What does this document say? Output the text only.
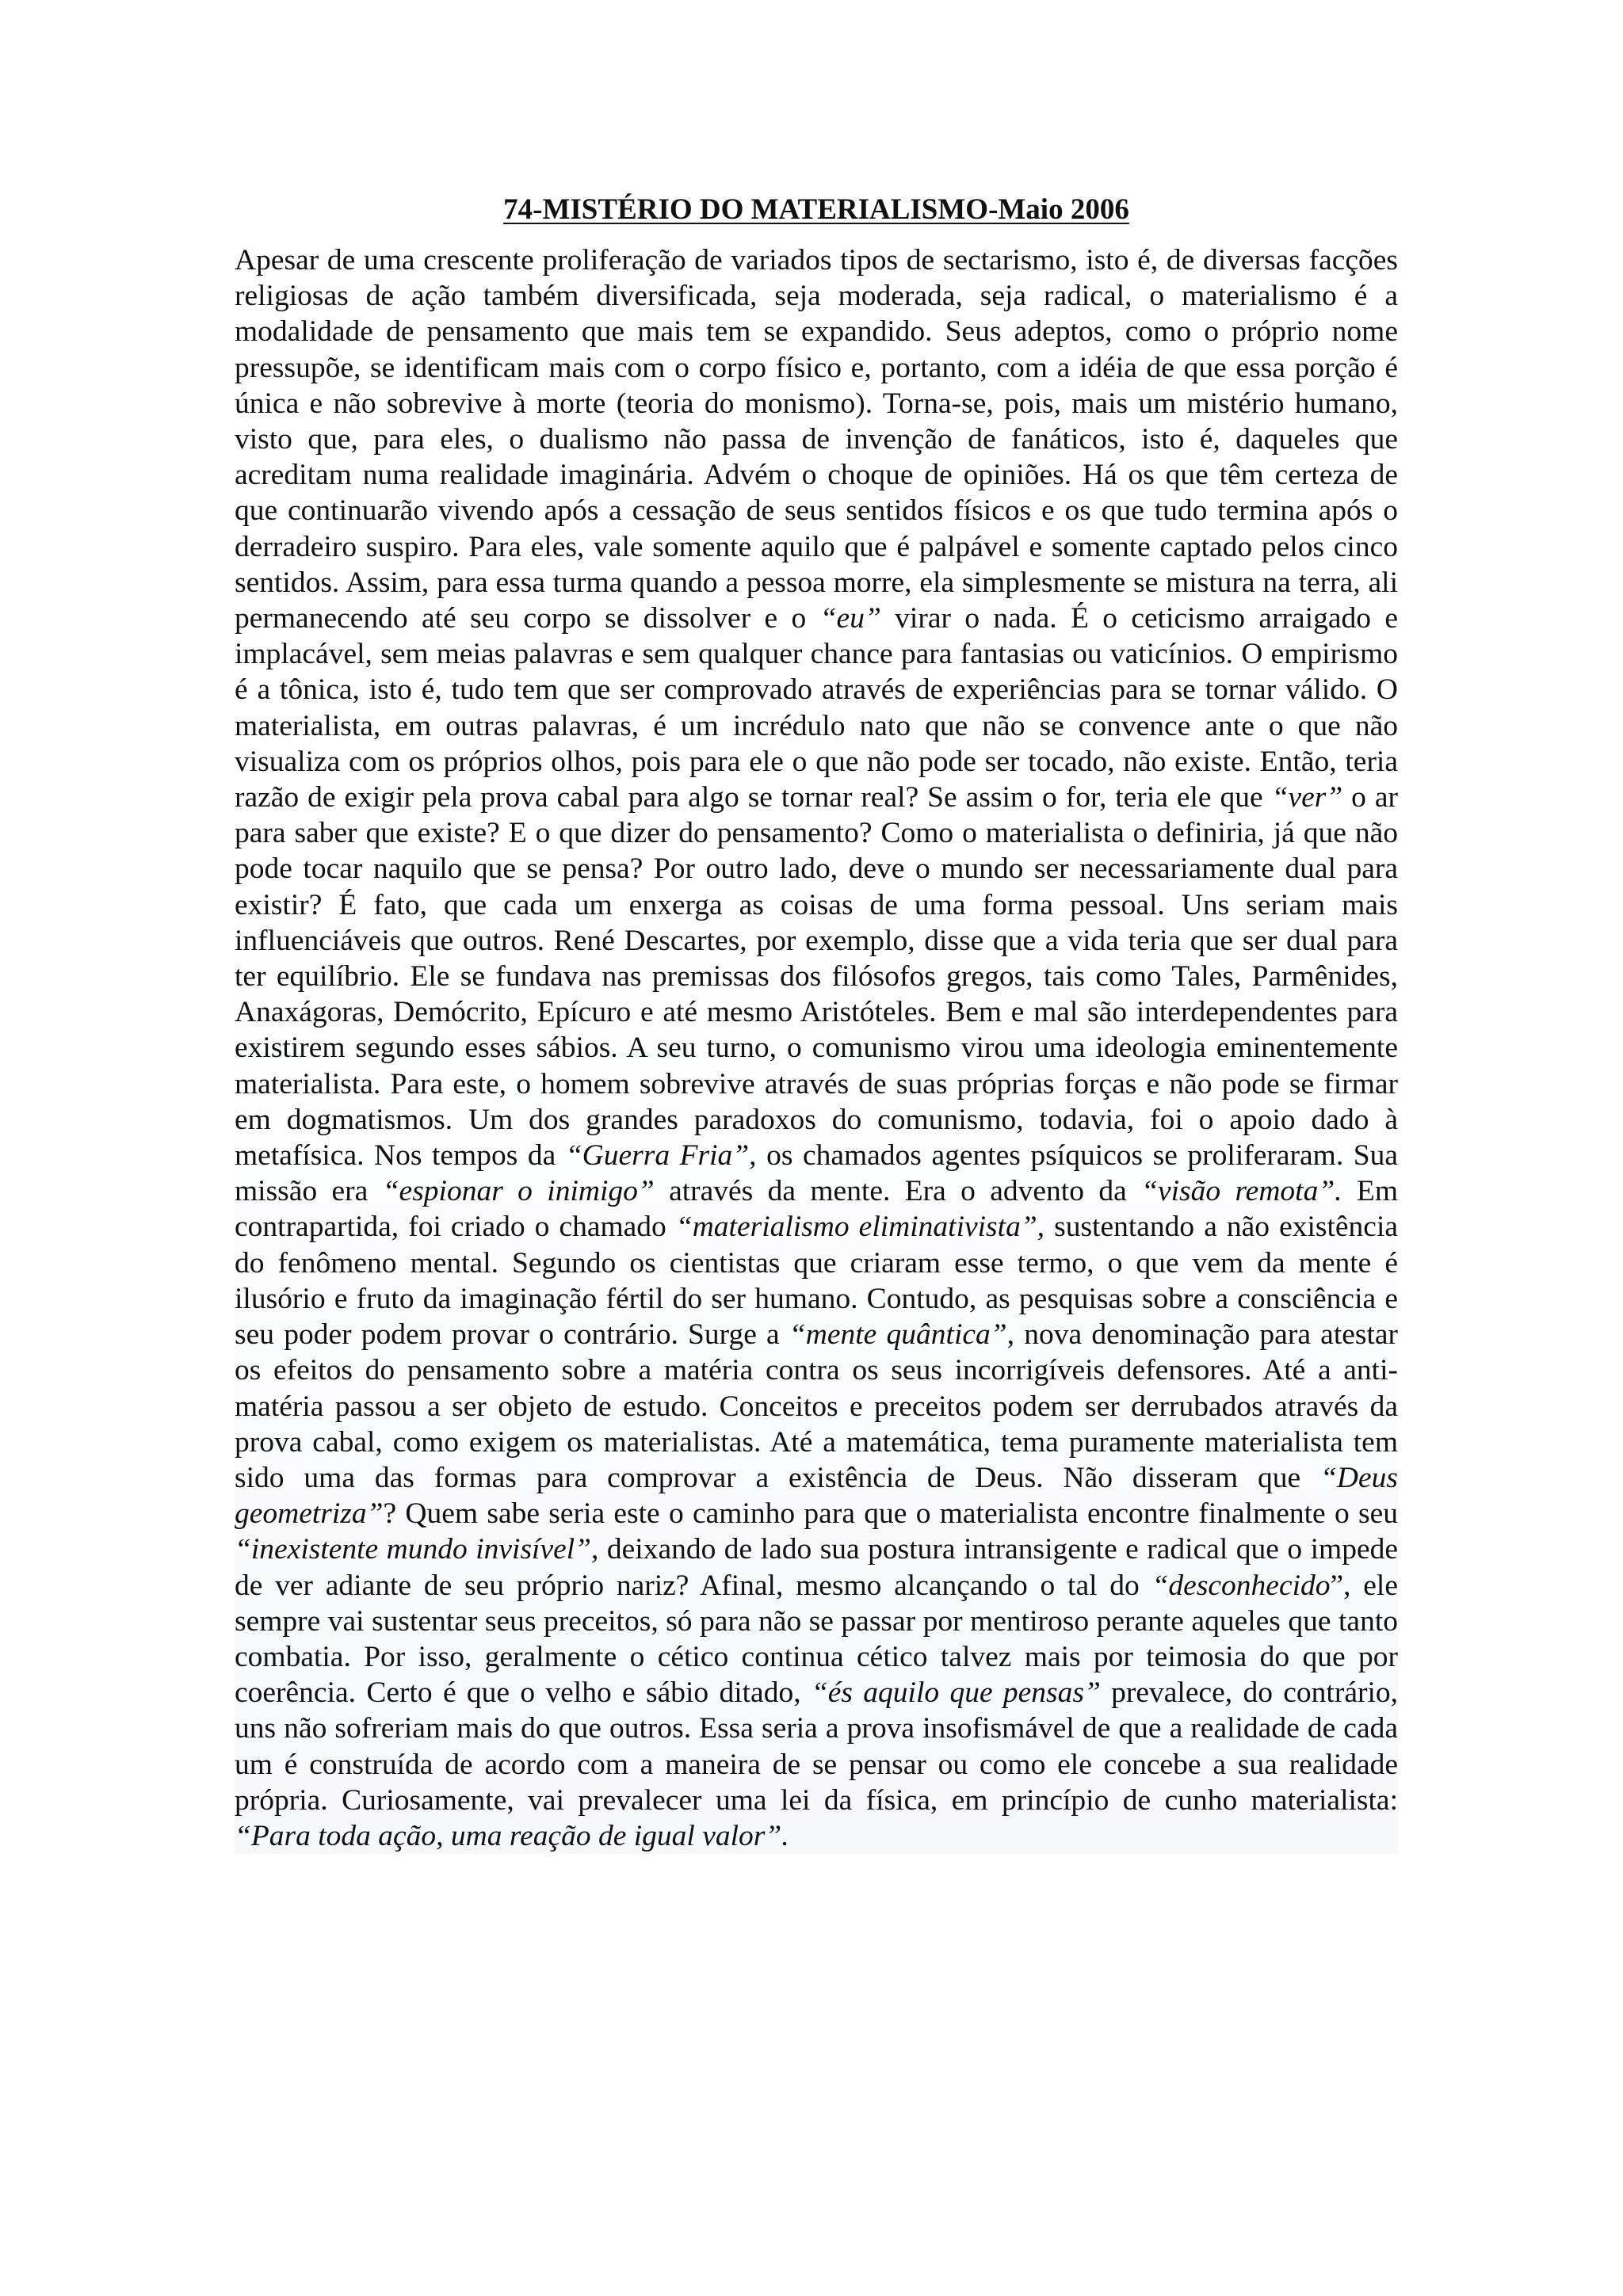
74-MISTÉRIO DO MATERIALISMO-Maio 2006

Apesar de uma crescente proliferação de variados tipos de sectarismo, isto é, de diversas facções religiosas de ação também diversificada, seja moderada, seja radical, o materialismo é a modalidade de pensamento que mais tem se expandido. Seus adeptos, como o próprio nome pressupõe, se identificam mais com o corpo físico e, portanto, com a idéia de que essa porção é única e não sobrevive à morte (teoria do monismo). Torna-se, pois, mais um mistério humano, visto que, para eles, o dualismo não passa de invenção de fanáticos, isto é, daqueles que acreditam numa realidade imaginária. Advém o choque de opiniões. Há os que têm certeza de que continuarão vivendo após a cessação de seus sentidos físicos e os que tudo termina após o derradeiro suspiro. Para eles, vale somente aquilo que é palpável e somente captado pelos cinco sentidos. Assim, para essa turma quando a pessoa morre, ela simplesmente se mistura na terra, ali permanecendo até seu corpo se dissolver e o “eu” virar o nada. É o ceticismo arraigado e implacável, sem meias palavras e sem qualquer chance para fantasias ou vaticínios. O empirismo é a tônica, isto é, tudo tem que ser comprovado através de experiências para se tornar válido. O materialista, em outras palavras, é um incrédulo nato que não se convence ante o que não visualiza com os próprios olhos, pois para ele o que não pode ser tocado, não existe. Então, teria razão de exigir pela prova cabal para algo se tornar real? Se assim o for, teria ele que “ver” o ar para saber que existe? E o que dizer do pensamento? Como o materialista o definiria, já que não pode tocar naquilo que se pensa? Por outro lado, deve o mundo ser necessariamente dual para existir? É fato, que cada um enxerga as coisas de uma forma pessoal. Uns seriam mais influenciáveis que outros. René Descartes, por exemplo, disse que a vida teria que ser dual para ter equilíbrio. Ele se fundava nas premissas dos filósofos gregos, tais como Tales, Parmênides, Anaxágoras, Demócrito, Epícuro e até mesmo Aristóteles. Bem e mal são interdependentes para existirem segundo esses sábios. A seu turno, o comunismo virou uma ideologia eminentemente materialista. Para este, o homem sobrevive através de suas próprias forças e não pode se firmar em dogmatismos. Um dos grandes paradoxos do comunismo, todavia, foi o apoio dado à metafísica. Nos tempos da “Guerra Fria”, os chamados agentes psíquicos se proliferaram. Sua missão era “espionar o inimigo” através da mente. Era o advento da “visão remota”. Em contrapartida, foi criado o chamado “materialismo eliminativista”, sustentando a não existência do fenômeno mental. Segundo os cientistas que criaram esse termo, o que vem da mente é ilusório e fruto da imaginação fértil do ser humano. Contudo, as pesquisas sobre a consciência e seu poder podem provar o contrário. Surge a “mente quântica”, nova denominação para atestar os efeitos do pensamento sobre a matéria contra os seus incorrigíveis defensores. Até a anti-matéria passou a ser objeto de estudo. Conceitos e preceitos podem ser derrubados através da prova cabal, como exigem os materialistas. Até a matemática, tema puramente materialista tem sido uma das formas para comprovar a existência de Deus. Não disseram que “Deus geometriza”? Quem sabe seria este o caminho para que o materialista encontre finalmente o seu “inexistente mundo invisível”, deixando de lado sua postura intransigente e radical que o impede de ver adiante de seu próprio nariz? Afinal, mesmo alcançando o tal do “desconhecido”, ele sempre vai sustentar seus preceitos, só para não se passar por mentiroso perante aqueles que tanto combatia. Por isso, geralmente o cético continua cético talvez mais por teimosia do que por coerência. Certo é que o velho e sábio ditado, “és aquilo que pensas” prevalece, do contrário, uns não sofreriam mais do que outros. Essa seria a prova insofismável de que a realidade de cada um é construída de acordo com a maneira de se pensar ou como ele concebe a sua realidade própria. Curiosamente, vai prevalecer uma lei da física, em princípio de cunho materialista: “Para toda ação, uma reação de igual valor”.
